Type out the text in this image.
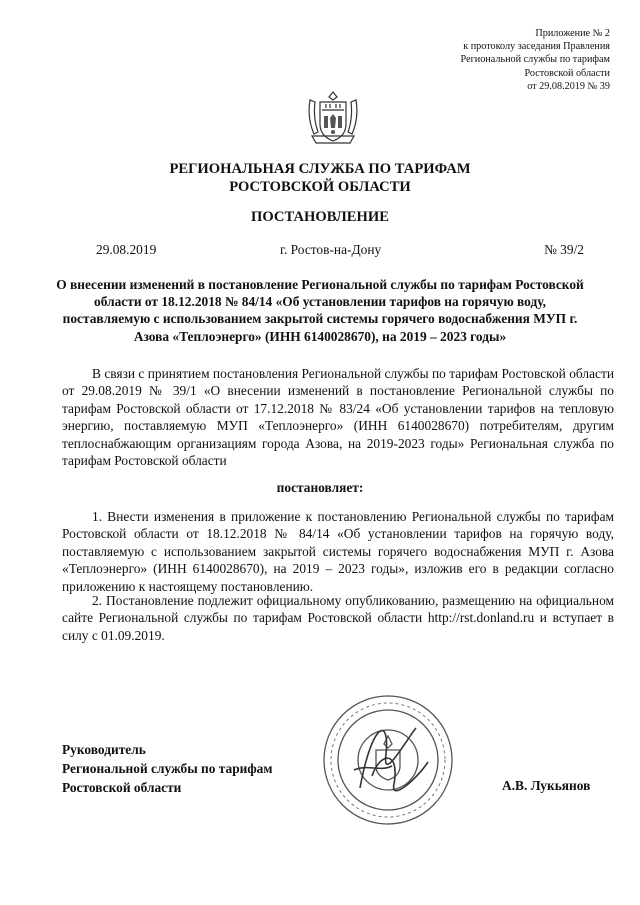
Приложение № 2
к протоколу заседания Правления
Региональной службы по тарифам
Ростовской области
от 29.08.2019 № 39
РЕГИОНАЛЬНАЯ СЛУЖБА ПО ТАРИФАМ
РОСТОВСКОЙ ОБЛАСТИ
ПОСТАНОВЛЕНИЕ
29.08.2019	г. Ростов-на-Дону	№ 39/2
О внесении изменений в постановление Региональной службы по тарифам Ростовской области от 18.12.2018 № 84/14 «Об установлении тарифов на горячую воду, поставляемую с использованием закрытой системы горячего водоснабжения МУП г. Азова «Теплоэнерго» (ИНН 6140028670), на 2019 – 2023 годы»

В связи с принятием постановления Региональной службы по тарифам Ростовской области от 29.08.2019 № 39/1 «О внесении изменений в постановление Региональной службы по тарифам Ростовской области от 17.12.2018 № 83/24 «Об установлении тарифов на тепловую энергию, поставляемую МУП «Теплоэнерго» (ИНН 6140028670) потребителям, другим теплоснабжающим организациям города Азова, на 2019-2023 годы» Региональная служба по тарифам Ростовской области

постановляет:

1. Внести изменения в приложение к постановлению Региональной службы по тарифам Ростовской области от 18.12.2018 № 84/14 «Об установлении тарифов на горячую воду, поставляемую с использованием закрытой системы горячего водоснабжения МУП г. Азова «Теплоэнерго» (ИНН 6140028670), на 2019 – 2023 годы», изложив его в редакции согласно приложению к настоящему постановлению.

2. Постановление подлежит официальному опубликованию, размещению на официальном сайте Региональной службы по тарифам Ростовской области http://rst.donland.ru и вступает в силу с 01.09.2019.

Руководитель
Региональной службы по тарифам
Ростовской области	А.В. Лукьянов
